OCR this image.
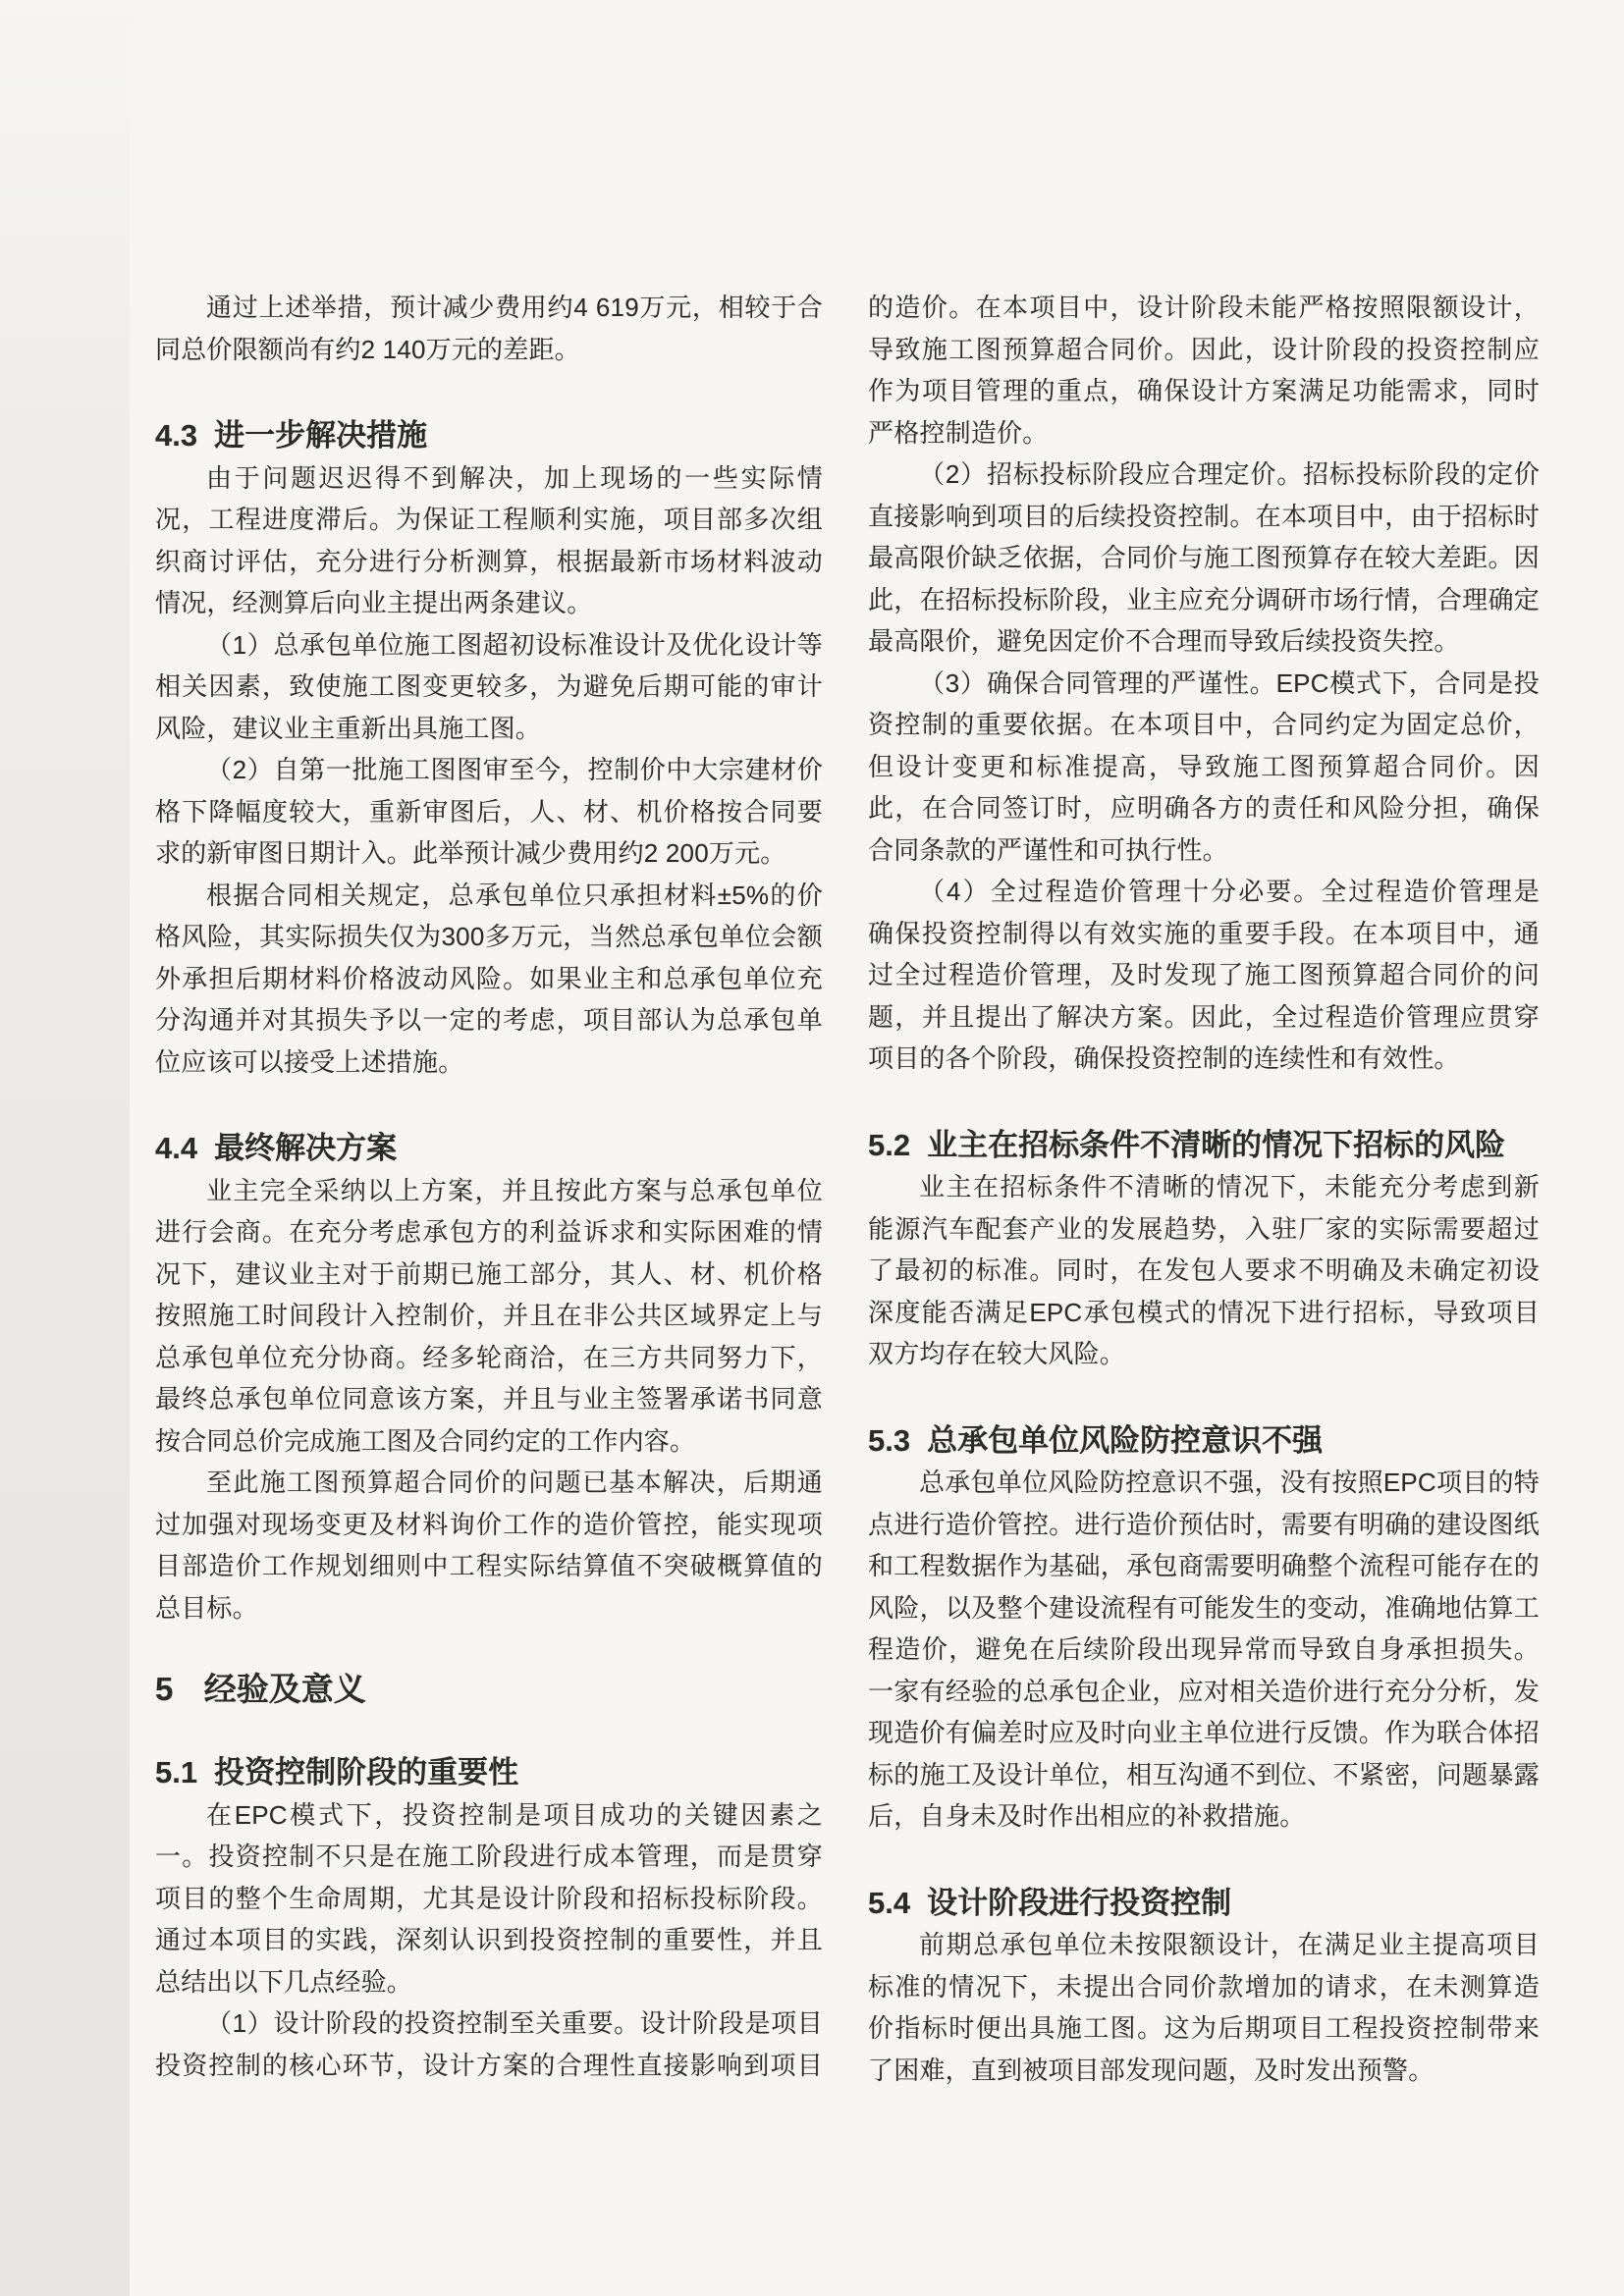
通过上述举措，预计减少费用约4 619万元，相较于合
同总价限额尚有约2 140万元的差距。
4.3 进一步解决措施
由于问题迟迟得不到解决，加上现场的一些实际情
况，工程进度滞后。为保证工程顺利实施，项目部多次组
织商讨评估，充分进行分析测算，根据最新市场材料波动
情况，经测算后向业主提出两条建议。
（1）总承包单位施工图超初设标准设计及优化设计等
相关因素，致使施工图变更较多，为避免后期可能的审计
风险，建议业主重新出具施工图。
（2）自第一批施工图图审至今，控制价中大宗建材价
格下降幅度较大，重新审图后，人、材、机价格按合同要
求的新审图日期计入。此举预计减少费用约2 200万元。
根据合同相关规定，总承包单位只承担材料±5%的价
格风险，其实际损失仅为300多万元，当然总承包单位会额
外承担后期材料价格波动风险。如果业主和总承包单位充
分沟通并对其损失予以一定的考虑，项目部认为总承包单
位应该可以接受上述措施。
4.4 最终解决方案
业主完全采纳以上方案，并且按此方案与总承包单位
进行会商。在充分考虑承包方的利益诉求和实际困难的情
况下，建议业主对于前期已施工部分，其人、材、机价格
按照施工时间段计入控制价，并且在非公共区域界定上与
总承包单位充分协商。经多轮商洽，在三方共同努力下，
最终总承包单位同意该方案，并且与业主签署承诺书同意
按合同总价完成施工图及合同约定的工作内容。
至此施工图预算超合同价的问题已基本解决，后期通
过加强对现场变更及材料询价工作的造价管控，能实现项
目部造价工作规划细则中工程实际结算值不突破概算值的
总目标。
5 经验及意义
5.1 投资控制阶段的重要性
在EPC模式下，投资控制是项目成功的关键因素之
一。投资控制不只是在施工阶段进行成本管理，而是贯穿
项目的整个生命周期，尤其是设计阶段和招标投标阶段。
通过本项目的实践，深刻认识到投资控制的重要性，并且
总结出以下几点经验。
（1）设计阶段的投资控制至关重要。设计阶段是项目
投资控制的核心环节，设计方案的合理性直接影响到项目
的造价。在本项目中，设计阶段未能严格按照限额设计，
导致施工图预算超合同价。因此，设计阶段的投资控制应
作为项目管理的重点，确保设计方案满足功能需求，同时
严格控制造价。
（2）招标投标阶段应合理定价。招标投标阶段的定价
直接影响到项目的后续投资控制。在本项目中，由于招标时
最高限价缺乏依据，合同价与施工图预算存在较大差距。因
此，在招标投标阶段，业主应充分调研市场行情，合理确定
最高限价，避免因定价不合理而导致后续投资失控。
（3）确保合同管理的严谨性。EPC模式下，合同是投
资控制的重要依据。在本项目中，合同约定为固定总价，
但设计变更和标准提高，导致施工图预算超合同价。因
此，在合同签订时，应明确各方的责任和风险分担，确保
合同条款的严谨性和可执行性。
（4）全过程造价管理十分必要。全过程造价管理是
确保投资控制得以有效实施的重要手段。在本项目中，通
过全过程造价管理，及时发现了施工图预算超合同价的问
题，并且提出了解决方案。因此，全过程造价管理应贯穿
项目的各个阶段，确保投资控制的连续性和有效性。
5.2 业主在招标条件不清晰的情况下招标的风险
业主在招标条件不清晰的情况下，未能充分考虑到新
能源汽车配套产业的发展趋势，入驻厂家的实际需要超过
了最初的标准。同时，在发包人要求不明确及未确定初设
深度能否满足EPC承包模式的情况下进行招标，导致项目
双方均存在较大风险。
5.3 总承包单位风险防控意识不强
总承包单位风险防控意识不强，没有按照EPC项目的特
点进行造价管控。进行造价预估时，需要有明确的建设图纸
和工程数据作为基础，承包商需要明确整个流程可能存在的
风险，以及整个建设流程有可能发生的变动，准确地估算工
程造价，避免在后续阶段出现异常而导致自身承担损失。
一家有经验的总承包企业，应对相关造价进行充分分析，发
现造价有偏差时应及时向业主单位进行反馈。作为联合体招
标的施工及设计单位，相互沟通不到位、不紧密，问题暴露
后，自身未及时作出相应的补救措施。
5.4 设计阶段进行投资控制
前期总承包单位未按限额设计，在满足业主提高项目
标准的情况下，未提出合同价款增加的请求，在未测算造
价指标时便出具施工图。这为后期项目工程投资控制带来
了困难，直到被项目部发现问题，及时发出预警。
